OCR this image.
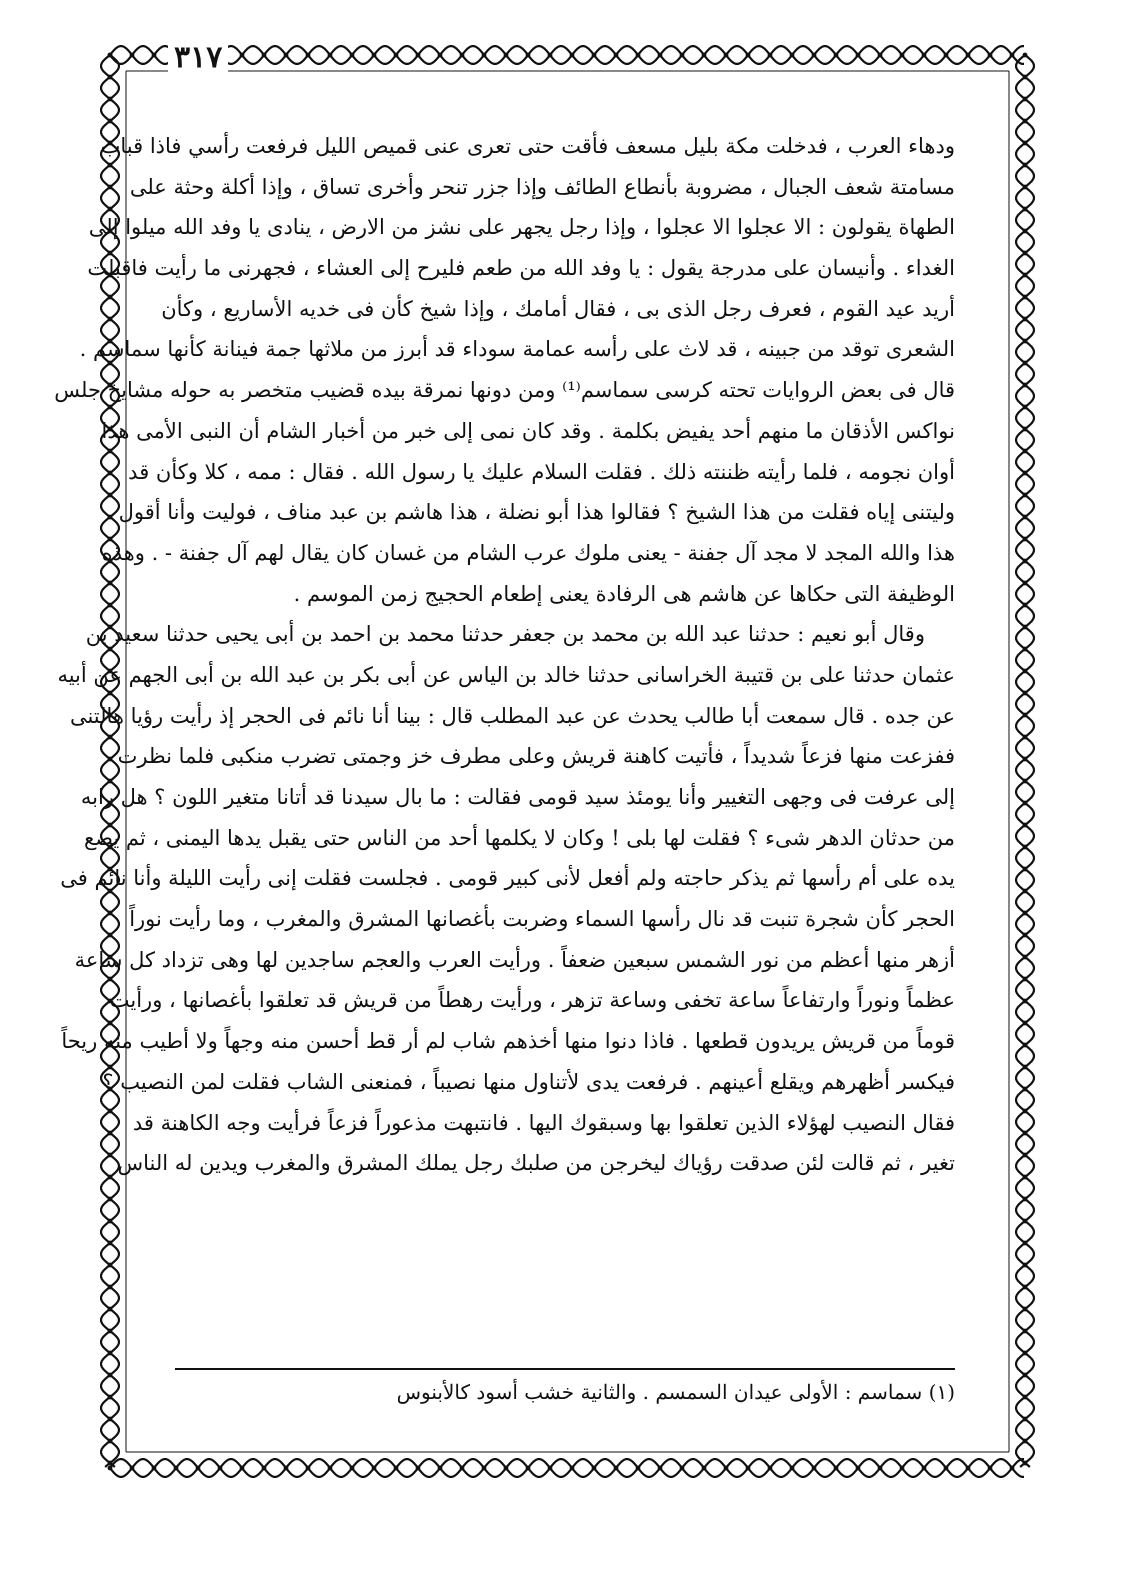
٣١٧
ودهاء العرب ، فدخلت مكة بليل مسعف فأقت حتى تعرى عنى قميص الليل فرفعت رأسي فاذا قباب
مسامتة شعف الجبال ، مضروبة بأنطاع الطائف وإذا جزر تنحر وأخرى تساق ، وإذا أكلة وحثة على
الطهاة يقولون : الا عجلوا الا عجلوا ، وإذا رجل يجهر على نشز من الارض ، ينادى يا وفد الله ميلوا إلى
الغداء . وأنيسان على مدرجة يقول : يا وفد الله من طعم فليرح إلى العشاء ، فجهرنى ما رأيت فاقبلت
أريد عيد القوم ، فعرف رجل الذى بى ، فقال أمامك ، وإذا شيخ كأن فى خديه الأساريع ، وكأن
الشعرى توقد من جبينه ، قد لاث على رأسه عمامة سوداء قد أبرز من ملاثها جمة فينانة كأنها سماسم .
قال فى بعض الروايات تحته كرسى سماسم⁽¹⁾ ومن دونها نمرقة بيده قضيب متخصر به حوله مشايخ جلس
نواكس الأذقان ما منهم أحد يفيض بكلمة . وقد كان نمى إلى خبر من أخبار الشام أن النبى الأمى هذا
أوان نجومه ، فلما رأيته ظننته ذلك . فقلت السلام عليك يا رسول الله . فقال : ممه ، كلا وكأن قد
وليتنى إياه فقلت من هذا الشيخ ؟ فقالوا هذا أبو نضلة ، هذا هاشم بن عبد مناف ، فوليت وأنا أقول
هذا والله المجد لا مجد آل جفنة - يعنى ملوك عرب الشام من غسان كان يقال لهم آل جفنة - . وهذه
الوظيفة التى حكاها عن هاشم هى الرفادة يعنى إطعام الحجيج زمن الموسم .
وقال أبو نعيم : حدثنا عبد الله بن محمد بن جعفر حدثنا محمد بن احمد بن أبى يحيى حدثنا سعيد بن
عثمان حدثنا على بن قتيبة الخراسانى حدثنا خالد بن الياس عن أبى بكر بن عبد الله بن أبى الجهم عن أبيه
عن جده . قال سمعت أبا طالب يحدث عن عبد المطلب قال : بينا أنا نائم فى الحجر إذ رأيت رؤيا هالتنى
ففزعت منها فزعاً شديداً ، فأتيت كاهنة قريش وعلى مطرف خز وجمتى تضرب منكبى فلما نظرت
إلى عرفت فى وجهى التغيير وأنا يومئذ سيد قومى فقالت : ما بال سيدنا قد أتانا متغير اللون ؟ هل رابه
من حدثان الدهر شىء ؟ فقلت لها بلى ! وكان لا يكلمها أحد من الناس حتى يقبل يدها اليمنى ، ثم يضع
يده على أم رأسها ثم يذكر حاجته ولم أفعل لأنى كبير قومى . فجلست فقلت إنى رأيت الليلة وأنا نائم فى
الحجر كأن شجرة تنبت قد نال رأسها السماء وضربت بأغصانها المشرق والمغرب ، وما رأيت نوراً
أزهر منها أعظم من نور الشمس سبعين ضعفاً . ورأيت العرب والعجم ساجدين لها وهى تزداد كل ساعة
عظماً ونوراً وارتفاعاً ساعة تخفى وساعة تزهر ، ورأيت رهطاً من قريش قد تعلقوا بأغصانها ، ورأيت
قوماً من قريش يريدون قطعها . فاذا دنوا منها أخذهم شاب لم أر قط أحسن منه وجهاً ولا أطيب منه ريحاً
فيكسر أظهرهم ويقلع أعينهم . فرفعت يدى لأتناول منها نصيباً ، فمنعنى الشاب فقلت لمن النصيب ؟
فقال النصيب لهؤلاء الذين تعلقوا بها وسبقوك اليها . فانتبهت مذعوراً فزعاً فرأيت وجه الكاهنة قد
تغير ، ثم قالت لئن صدقت رؤياك ليخرجن من صلبك رجل يملك المشرق والمغرب ويدين له الناس
(١) سماسم : الأولى عيدان السمسم . والثانية خشب أسود كالأبنوس
